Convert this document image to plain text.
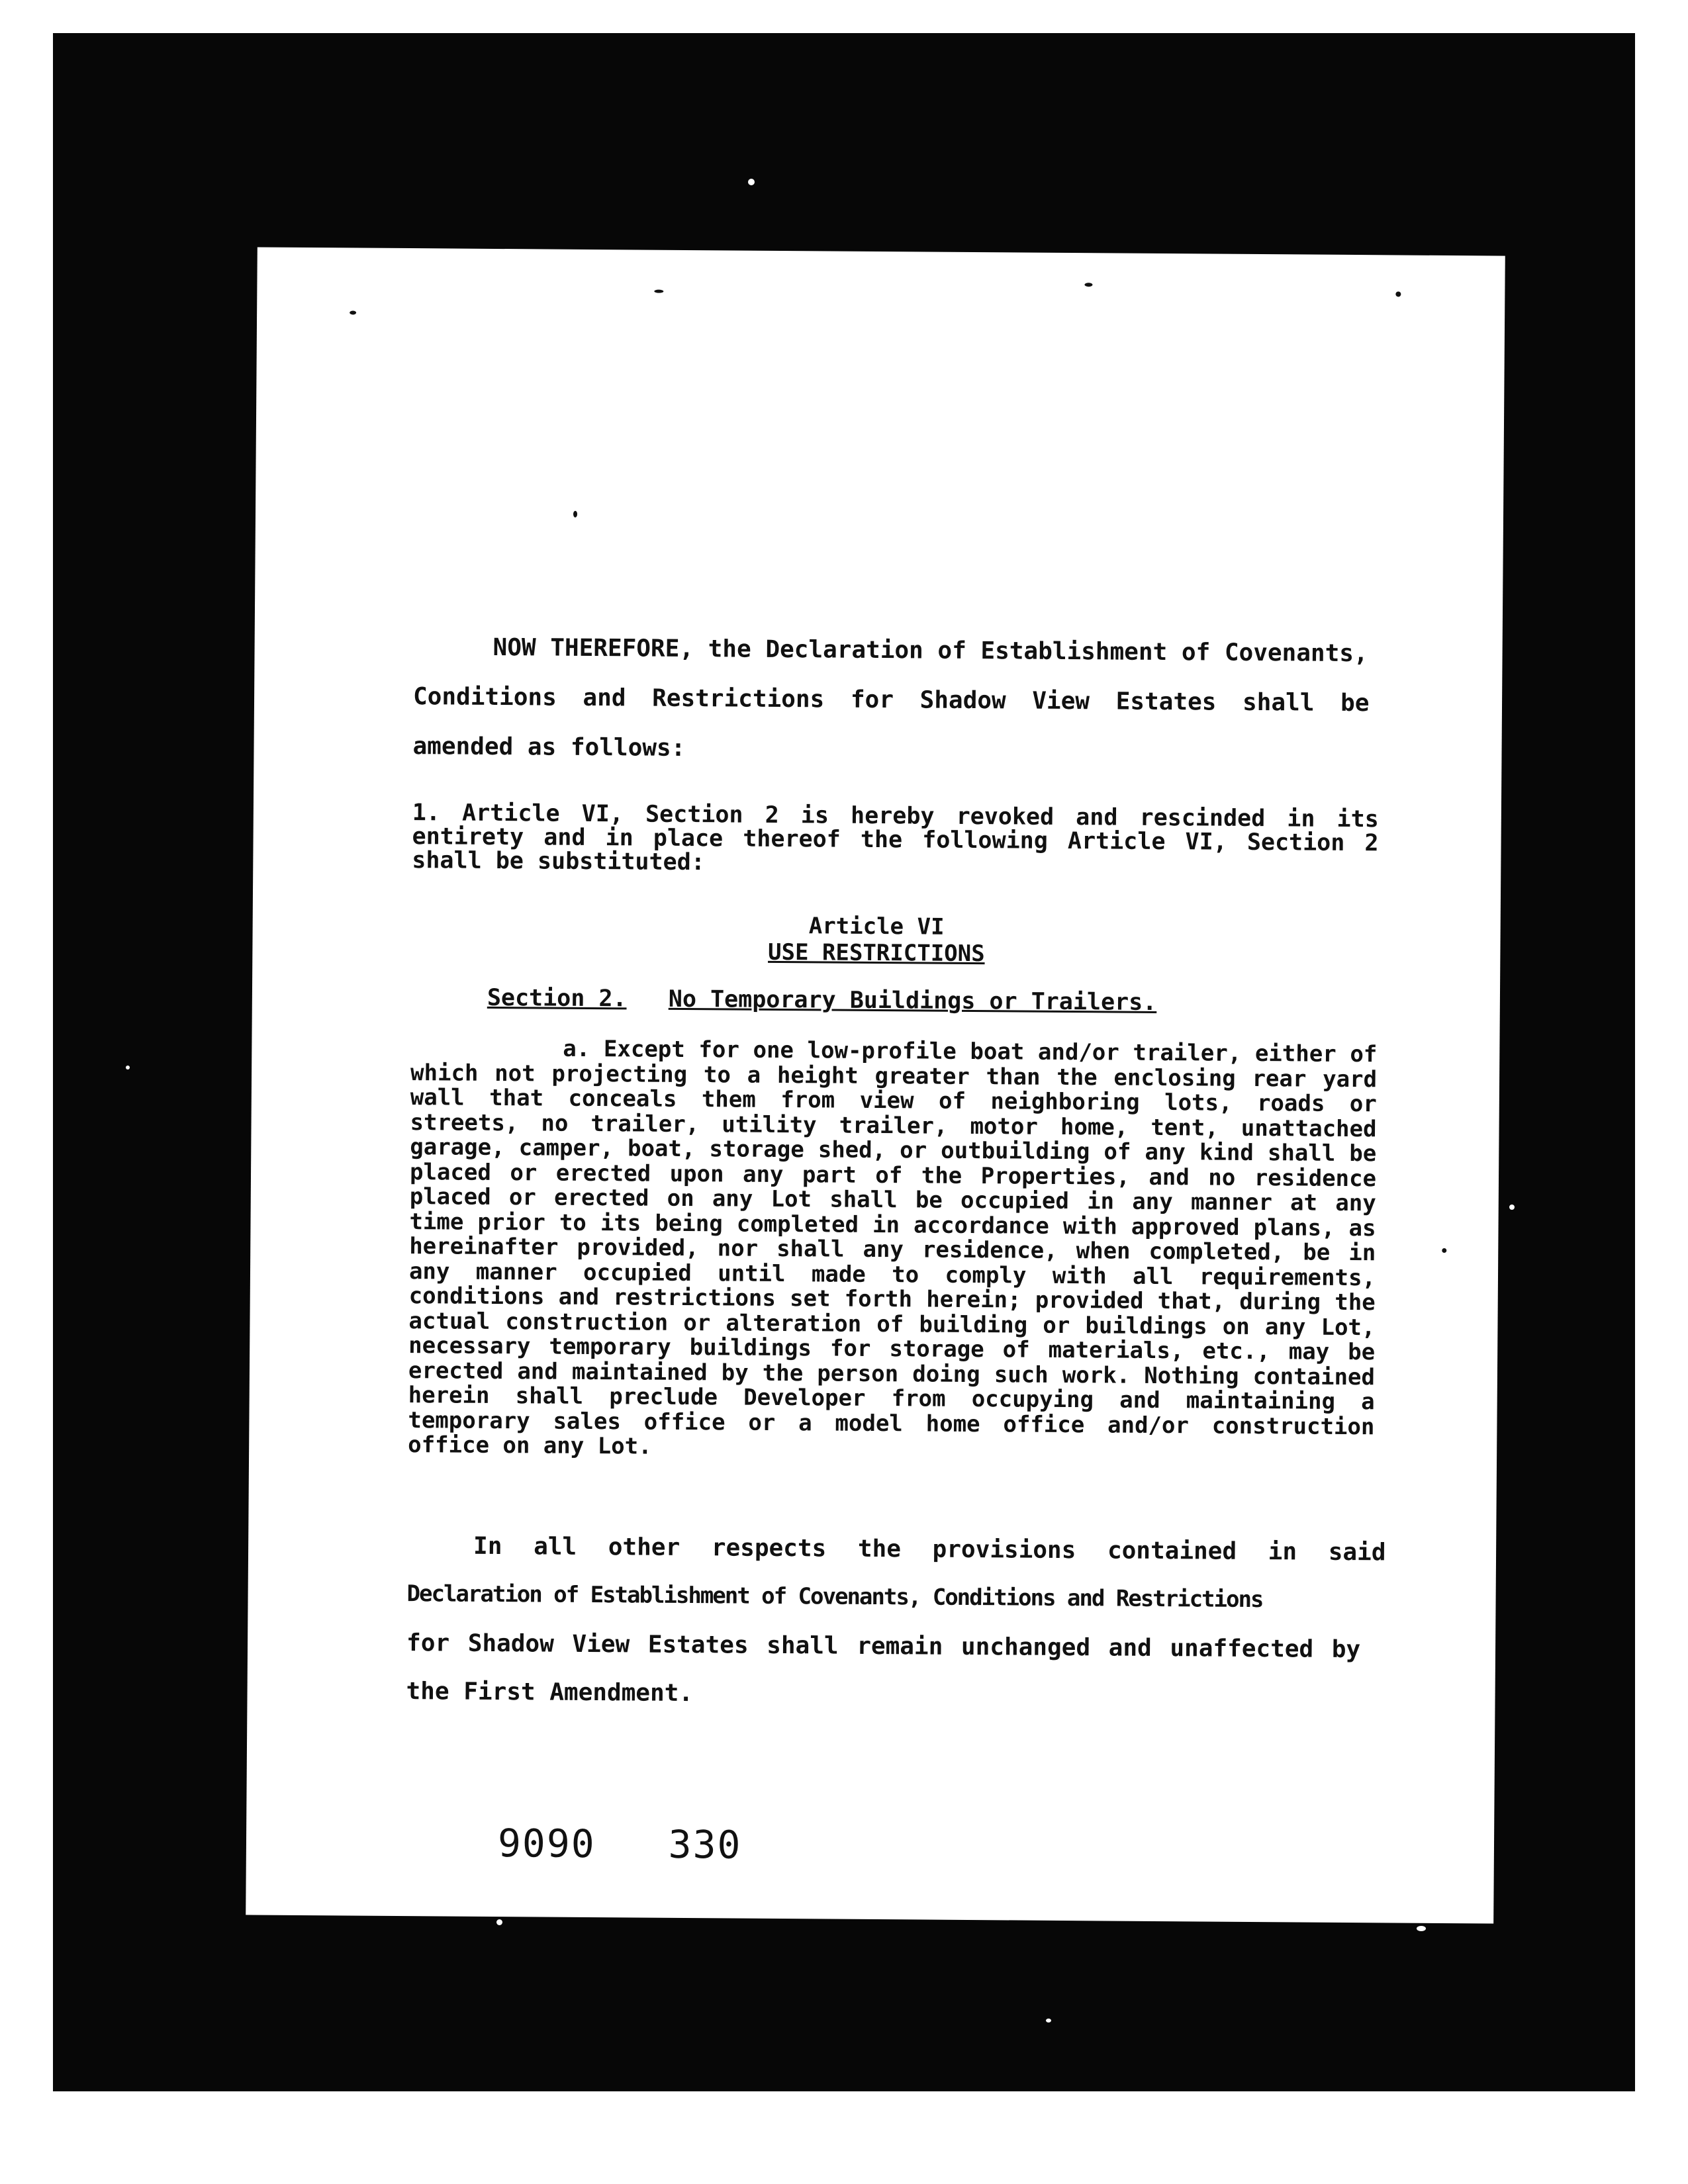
NOW THEREFORE, the Declaration of Establishment of Covenants,
Conditions and Restrictions for Shadow View Estates shall be
amended as follows:
1. Article VI, Section 2 is hereby revoked and rescinded in its entirety and in place thereof the following Article VI, Section 2 shall be substituted:
Article VI
USE RESTRICTIONS
Section 2. No Temporary Buildings or Trailers.
a. Except for one low-profile boat and/or trailer, either of which not projecting to a height greater than the enclosing rear yard wall that conceals them from view of neighboring lots, roads or streets, no trailer, utility trailer, motor home, tent, unattached garage, camper, boat, storage shed, or outbuilding of any kind shall be placed or erected upon any part of the Properties, and no residence placed or erected on any Lot shall be occupied in any manner at any time prior to its being completed in accordance with approved plans, as hereinafter provided, nor shall any residence, when completed, be in any manner occupied until made to comply with all requirements, conditions and restrictions set forth herein; provided that, during the actual construction or alteration of building or buildings on any Lot, necessary temporary buildings for storage of materials, etc., may be erected and maintained by the person doing such work. Nothing contained herein shall preclude Developer from occupying and maintaining a temporary sales office or a model home office and/or construction office on any Lot.
In all other respects the provisions contained in said
Declaration of Establishment of Covenants, Conditions and Restrictions
for Shadow View Estates shall remain unchanged and unaffected by
the First Amendment.
9090 330
